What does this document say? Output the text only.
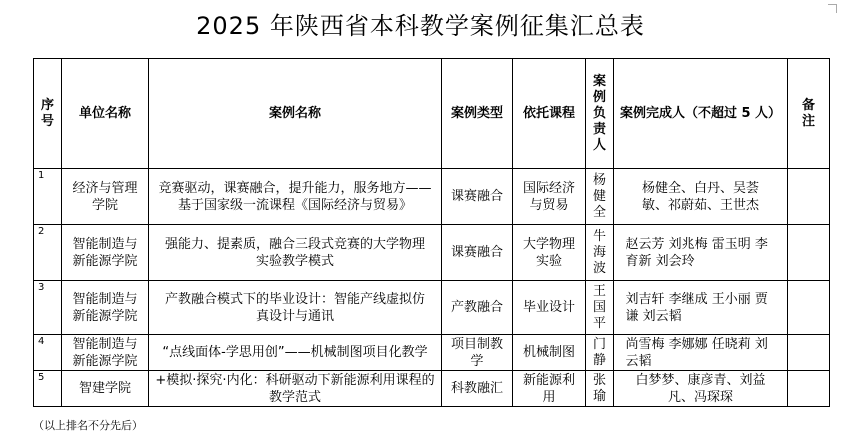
2025 年陕西省本科教学案例征集汇总表
序号	单位名称	案例名称	案例类型	依托课程	案例负责人	案例完成人（不超过 5 人）	备注

1	经济与管理学院	竞赛驱动，课赛融合，提升能力，服务地方——基于国家级一流课程《国际经济与贸易》	课赛融合	国际经济与贸易	杨健全	杨健全、白丹、吴荟敏、祁蔚茹、王世杰	

2	智能制造与新能源学院	强能力、提素质，融合三段式竞赛的大学物理实验教学模式	课赛融合	大学物理实验	牛海波	赵云芳 刘兆梅 雷玉明 李育新 刘会玲	

3	智能制造与新能源学院	产教融合模式下的毕业设计：智能产线虚拟仿真设计与通讯	产教融合	毕业设计	王国平	刘吉轩 李继成 王小丽 贾 谦 刘云韬	

4	智能制造与新能源学院	“点线面体-学思用创”——机械制图项目化教学	项目制教学	机械制图	门静	尚雪梅 李娜娜 任晓莉 刘云韬	

5	智建学院	+模拟·探究·内化：科研驱动下新能源利用课程的教学范式	科教融汇	新能源利用	张瑜	白梦梦、康彦青、刘益凡、冯琛琛	

（以上排名不分先后）
